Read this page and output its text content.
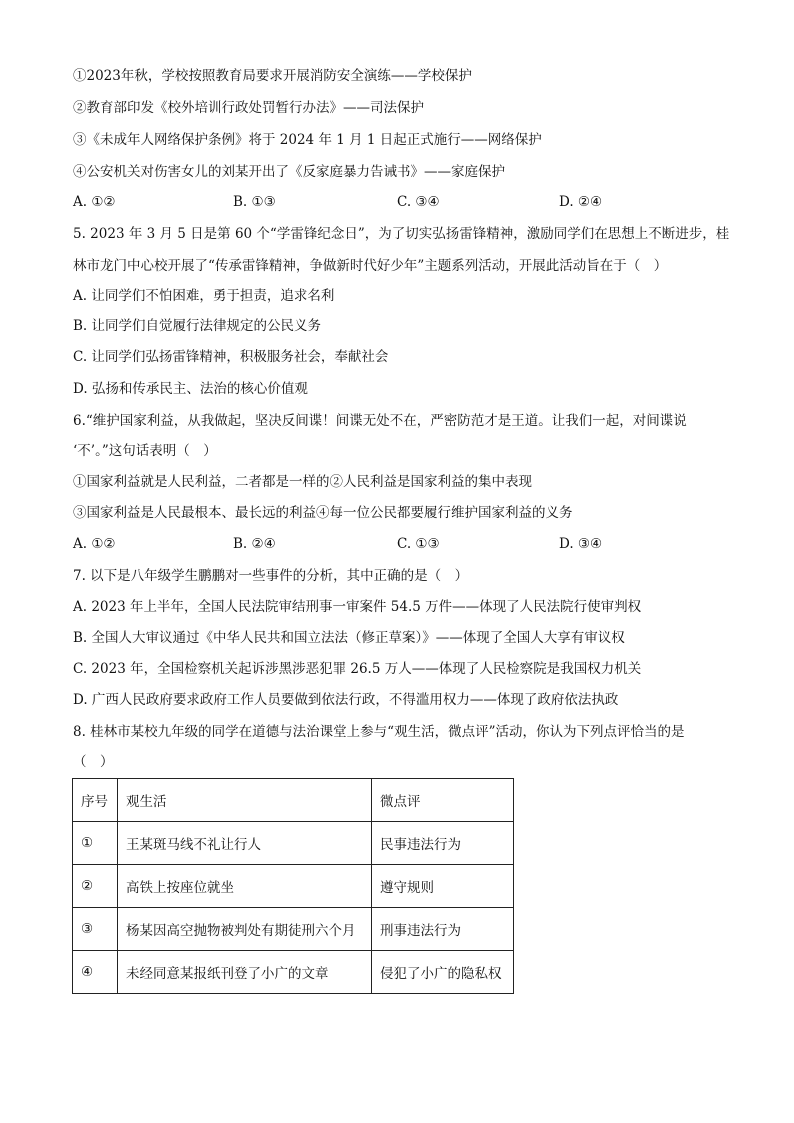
①2023年秋，学校按照教育局要求开展消防安全演练——学校保护
②教育部印发《校外培训行政处罚暂行办法》——司法保护
③《未成年人网络保护条例》将于 2024 年 1 月 1 日起正式施行——网络保护
④公安机关对伤害女儿的刘某开出了《反家庭暴力告诫书》——家庭保护
A. ①②	B. ①③	C. ③④	D. ②④
5. 2023 年 3 月 5 日是第 60 个“学雷锋纪念日”，为了切实弘扬雷锋精神，激励同学们在思想上不断进步，桂
林市龙门中心校开展了“传承雷锋精神，争做新时代好少年”主题系列活动，开展此活动旨在于（　）
A. 让同学们不怕困难，勇于担责，追求名利
B. 让同学们自觉履行法律规定的公民义务
C. 让同学们弘扬雷锋精神，积极服务社会，奉献社会
D. 弘扬和传承民主、法治的核心价值观
6.“维护国家利益，从我做起，坚决反间谍！间谍无处不在，严密防范才是王道。让我们一起，对间谍说
‘不’。”这句话表明（　）
①国家利益就是人民利益，二者都是一样的②人民利益是国家利益的集中表现
③国家利益是人民最根本、最长远的利益④每一位公民都要履行维护国家利益的义务
A. ①②	B. ②④	C. ①③	D. ③④
7. 以下是八年级学生鹏鹏对一些事件的分析，其中正确的是（　）
A. 2023 年上半年，全国人民法院审结刑事一审案件 54.5 万件——体现了人民法院行使审判权
B. 全国人大审议通过《中华人民共和国立法法（修正草案）》——体现了全国人大享有审议权
C. 2023 年，全国检察机关起诉涉黑涉恶犯罪 26.5 万人——体现了人民检察院是我国权力机关
D. 广西人民政府要求政府工作人员要做到依法行政，不得滥用权力——体现了政府依法执政
8. 桂林市某校九年级的同学在道德与法治课堂上参与“观生活，微点评”活动，你认为下列点评恰当的是
（　）
序号	观生活	微点评
①	王某斑马线不礼让行人	民事违法行为
②	高铁上按座位就坐	遵守规则
③	杨某因高空抛物被判处有期徒刑六个月	刑事违法行为
④	未经同意某报纸刊登了小广的文章	侵犯了小广的隐私权
